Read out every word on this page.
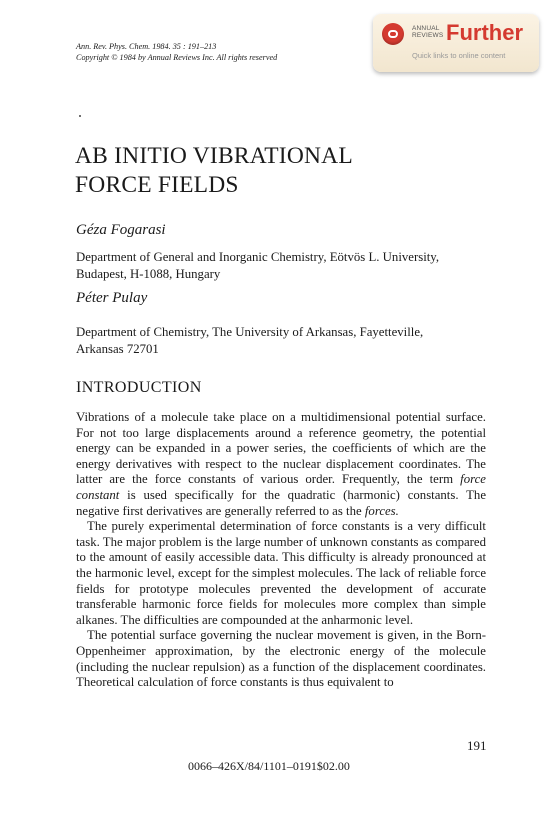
Ann. Rev. Phys. Chem. 1984. 35 : 191–213
Copyright © 1984 by Annual Reviews Inc. All rights reserved
ANNUAL
REVIEWS Further
Quick links to online content
AB INITIO VIBRATIONAL
FORCE FIELDS
Géza Fogarasi
Department of General and Inorganic Chemistry, Eötvös L. University,
Budapest, H-1088, Hungary
Péter Pulay
Department of Chemistry, The University of Arkansas, Fayetteville,
Arkansas 72701
INTRODUCTION

Vibrations of a molecule take place on a multidimensional potential surface. For not too large displacements around a reference geometry, the potential energy can be expanded in a power series, the coefficients of which are the energy derivatives with respect to the nuclear displacement coordinates. The latter are the force constants of various order. Frequently, the term force constant is used specifically for the quadratic (harmonic) constants. The negative first derivatives are generally referred to as the forces.

The purely experimental determination of force constants is a very difficult task. The major problem is the large number of unknown constants as compared to the amount of easily accessible data. This difficulty is already pronounced at the harmonic level, except for the simplest molecules. The lack of reliable force fields for prototype molecules prevented the development of accurate transferable harmonic force fields for molecules more complex than simple alkanes. The difficulties are compounded at the anharmonic level.

The potential surface governing the nuclear movement is given, in the Born-Oppenheimer approximation, by the electronic energy of the molecule (including the nuclear repulsion) as a function of the displacement coordinates. Theoretical calculation of force constants is thus equivalent to

191
0066–426X/84/1101–0191$02.00
